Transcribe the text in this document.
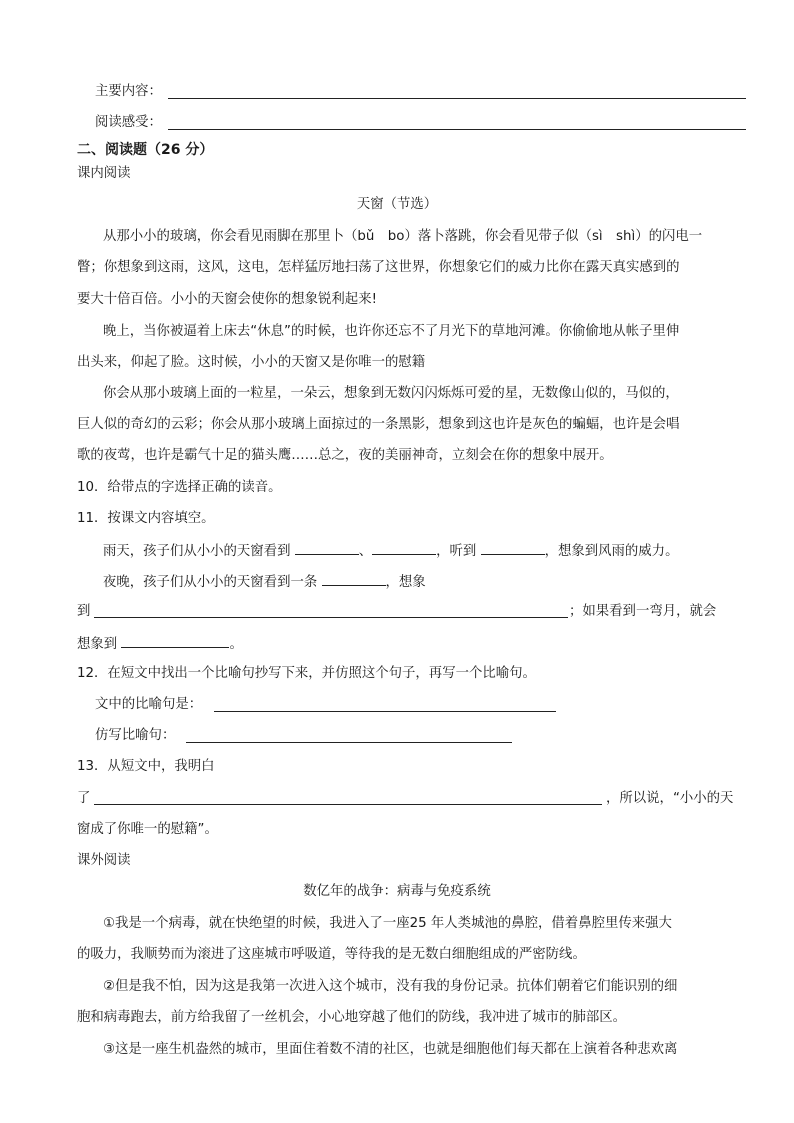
主要内容：
阅读感受：
二、阅读题（26 分）
课内阅读
天窗（节选）
从那小小的玻璃，你会看见雨脚在那里卜（bǔ　bo）落卜落跳，你会看见带子似（sì　shì）的闪电一
瞥；你想象到这雨，这风，这电，怎样猛厉地扫荡了这世界，你想象它们的威力比你在露天真实感到的
要大十倍百倍。小小的天窗会使你的想象锐利起来!
晚上，当你被逼着上床去“休息”的时候，也许你还忘不了月光下的草地河滩。你偷偷地从帐子里伸
出头来，仰起了脸。这时候，小小的天窗又是你唯一的慰籍
你会从那小玻璃上面的一粒星，一朵云，想象到无数闪闪烁烁可爱的星，无数像山似的，马似的，
巨人似的奇幻的云彩；你会从那小玻璃上面掠过的一条黑影，想象到这也许是灰色的蝙蝠，也许是会唱
歌的夜莺，也许是霸气十足的猫头鹰……总之，夜的美丽神奇，立刻会在你的想象中展开。
10．给带点的字选择正确的读音。
11．按课文内容填空。
雨天，孩子们从小小的天窗看到	、	，听到	，想象到风雨的威力。
夜晚，孩子们从小小的天窗看到一条	，想象
到	；如果看到一弯月，就会
想象到	。
12．在短文中找出一个比喻句抄写下来，并仿照这个句子，再写一个比喻句。
文中的比喻句是：
仿写比喻句：
13．从短文中，我明白
了	，所以说，“小小的天
窗成了你唯一的慰籍”。
课外阅读
数亿年的战争：病毒与免疫系统
①我是一个病毒，就在快绝望的时候，我进入了一座25 年人类城池的鼻腔，借着鼻腔里传来强大
的吸力，我顺势而为滚进了这座城市呼吸道，等待我的是无数白细胞组成的严密防线。
②但是我不怕，因为这是我第一次进入这个城市，没有我的身份记录。抗体们朝着它们能识别的细
胞和病毒跑去，前方给我留了一丝机会，小心地穿越了他们的防线，我冲进了城市的肺部区。
③这是一座生机盎然的城市，里面住着数不清的社区，也就是细胞他们每天都在上演着各种悲欢离
